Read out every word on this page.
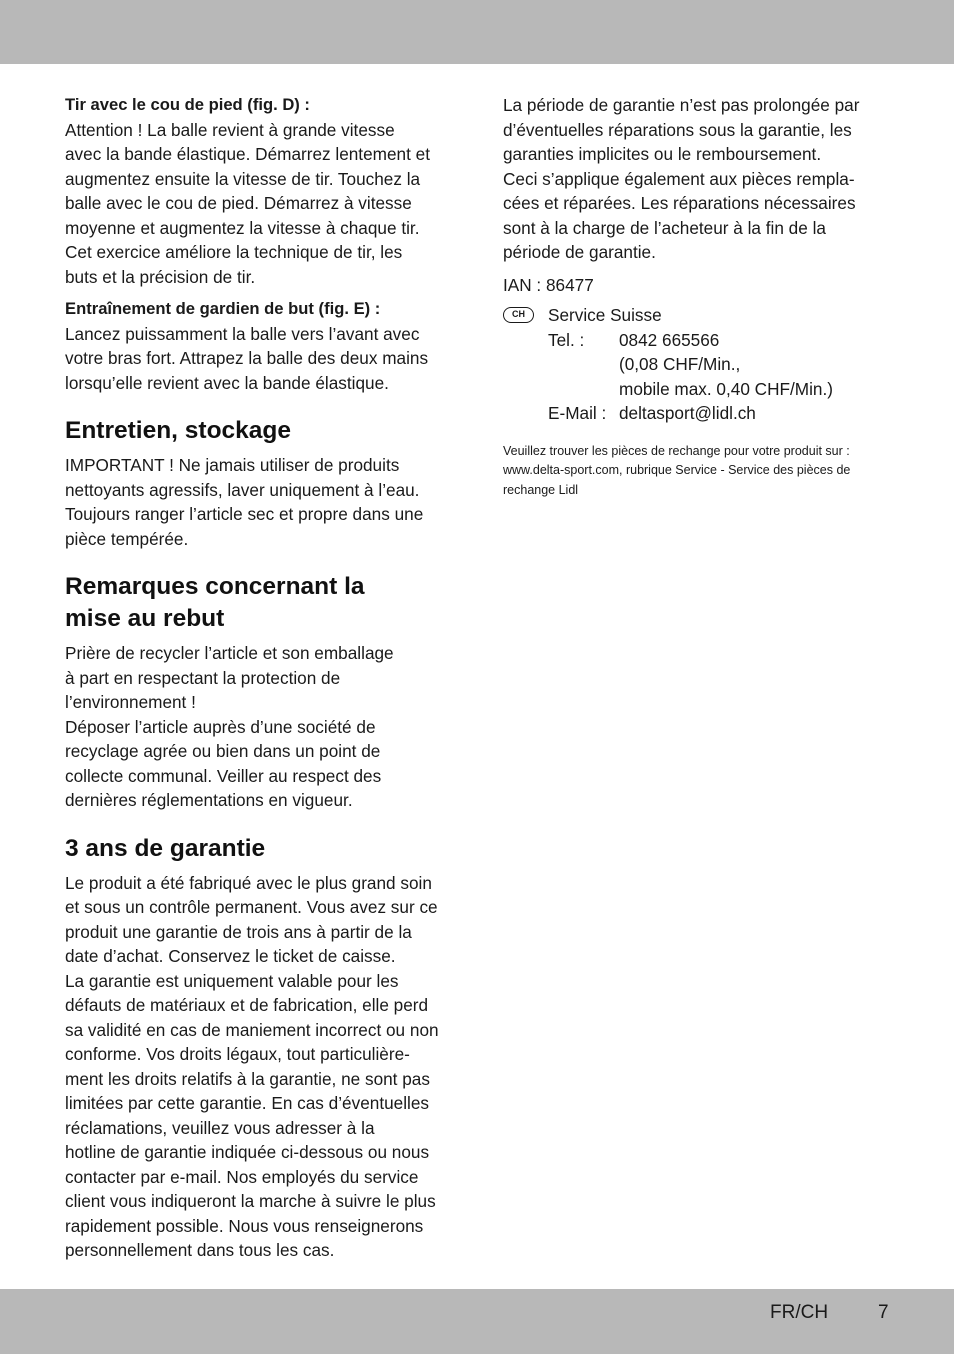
Tir avec le cou de pied (fig. D) :

Attention ! La balle revient à grande vitesse

avec la bande élastique. Démarrez lentement et

augmentez ensuite la vitesse de tir. Touchez la

balle avec le cou de pied. Démarrez à vitesse

moyenne et augmentez la vitesse à chaque tir.

Cet exercice améliore la technique de tir, les

buts et la précision de tir.

Entraînement de gardien de but (fig. E) :

Lancez puissamment la balle vers l’avant avec

votre bras fort. Attrapez la balle des deux mains

lorsqu’elle revient avec la bande élastique.

Entretien, stockage

IMPORTANT ! Ne jamais utiliser de produits

nettoyants agressifs, laver uniquement à l’eau.

Toujours ranger l’article sec et propre dans une

pièce tempérée.

Remarques concernant la
mise au rebut

Prière de recycler l’article et son emballage

à part en respectant la protection de

l’environnement !

Déposer l’article auprès d’une société de

recyclage agrée ou bien dans un point de

collecte communal. Veiller au respect des

dernières réglementations en vigueur.

3 ans de garantie

Le produit a été fabriqué avec le plus grand soin

et sous un contrôle permanent. Vous avez sur ce

produit une garantie de trois ans à partir de la

date d’achat. Conservez le ticket de caisse.

La garantie est uniquement valable pour les

défauts de matériaux et de fabrication, elle perd

sa validité en cas de maniement incorrect ou non

conforme. Vos droits légaux, tout particulière-

ment les droits relatifs à la garantie, ne sont pas

limitées par cette garantie. En cas d’éventuelles

réclamations, veuillez vous adresser à la

hotline de garantie indiquée ci-dessous ou nous

contacter par e-mail. Nos employés du service

client vous indiqueront la marche à suivre le plus

rapidement possible. Nous vous renseignerons

personnellement dans tous les cas.

La période de garantie n’est pas prolongée par

d’éventuelles réparations sous la garantie, les

garanties implicites ou le remboursement.

Ceci s’applique également aux pièces rempla-

cées et réparées. Les réparations nécessaires

sont à la charge de l’acheteur à la fin de la

période de garantie.

IAN : 86477

CH	Service Suisse

Tel. :	0842 665566
(0,08 CHF/Min.,
mobile max. 0,40 CHF/Min.)
E-Mail : deltasport@lidl.ch
Veuillez trouver les pièces de rechange pour votre produit sur :
www.delta-sport.com, rubrique Service - Service des pièces de
rechange Lidl
FR/CH	7
